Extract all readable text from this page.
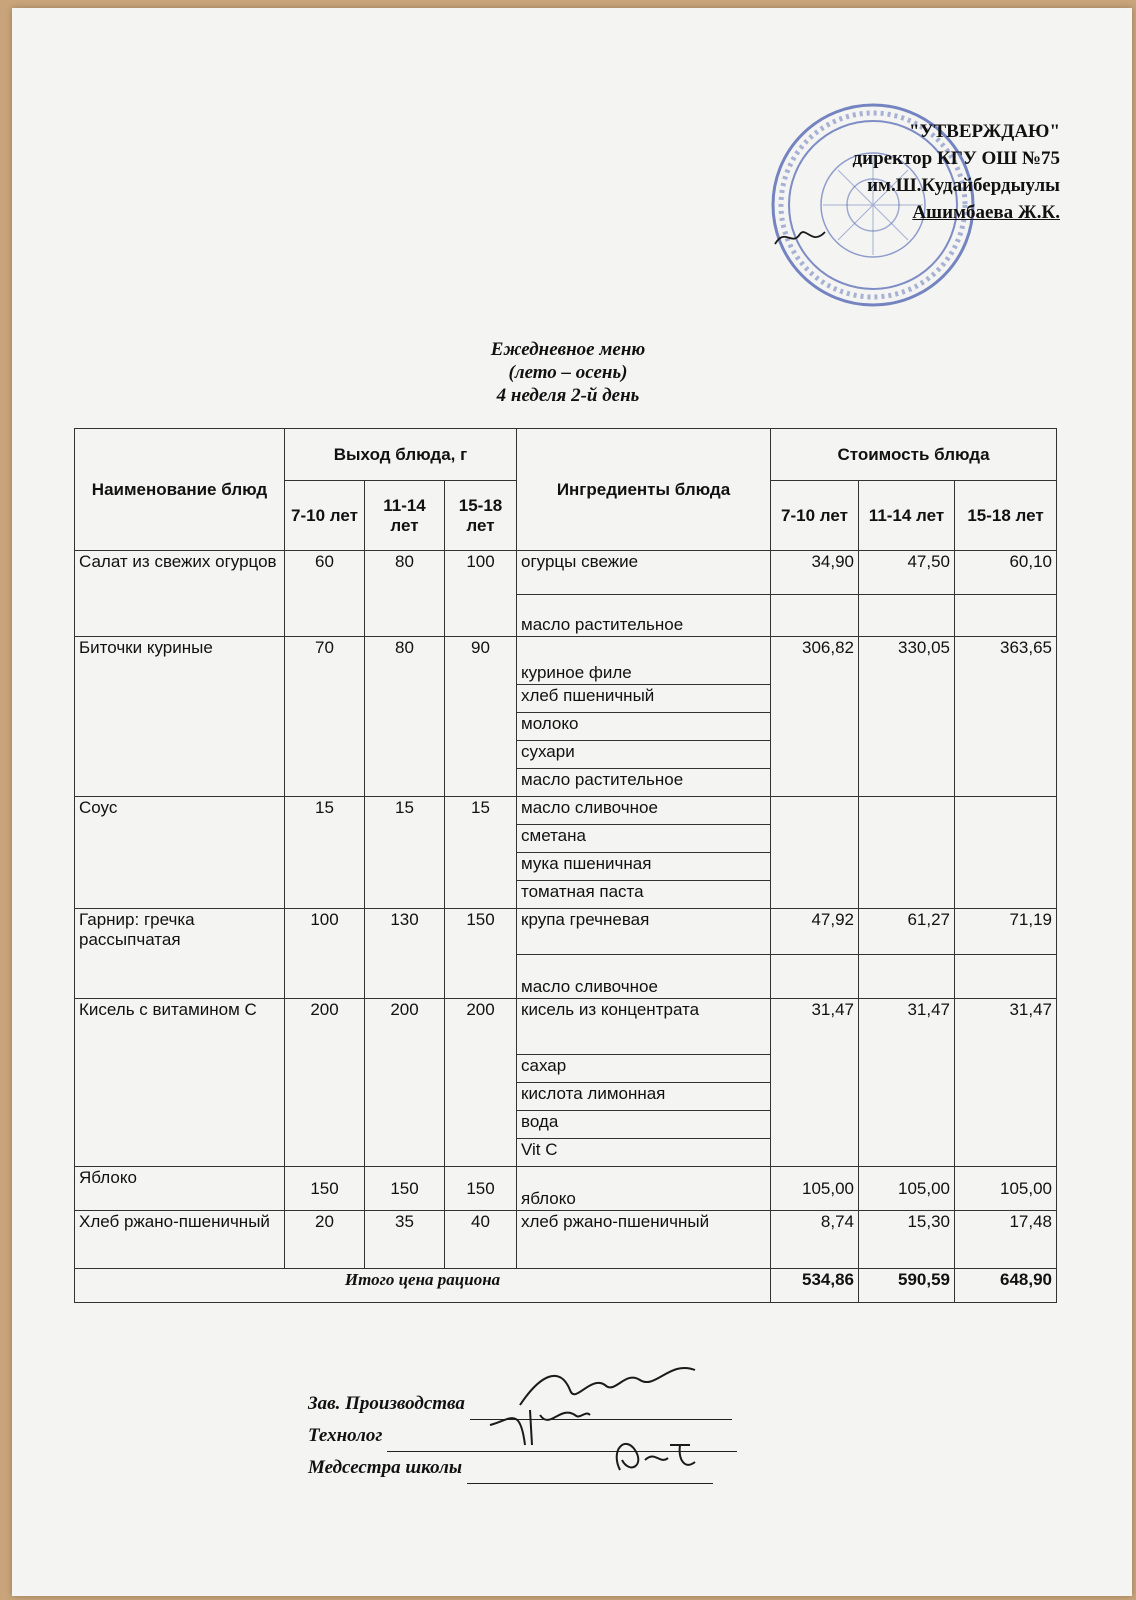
"УТВЕРЖДАЮ"
директор КГУ ОШ №75
им.Ш.Кудайбердыулы
Ашимбаева Ж.К.
Ежедневное меню
(лето – осень)
4 неделя 2-й день
Наименование блюд	Выход блюда, г			Ингредиенты блюда	Стоимость блюда		
	7-10 лет	11-14 лет	15-18 лет		7-10 лет	11-14 лет	15-18 лет
Салат из свежих огурцов	60	80	100	огурцы свежие	34,90	47,50	60,10
				масло растительное			
Биточки куриные	70	80	90	куриное филе	306,82	330,05	363,65
				хлеб пшеничный			
				молоко			
				сухари			
				масло растительное			
Соус	15	15	15	масло сливочное			
				сметана			
				мука пшеничная			
				томатная паста			
Гарнир: гречка рассыпчатая	100	130	150	крупа гречневая	47,92	61,27	71,19
				масло сливочное			
Кисель с витамином С	200	200	200	кисель из концентрата	31,47	31,47	31,47
				сахар			
				кислота лимонная			
				вода			
				Vit C			
Яблоко	150	150	150	яблоко	105,00	105,00	105,00
Хлеб ржано-пшеничный	20	35	40	хлеб ржано-пшеничный	8,74	15,30	17,48
Итого цена рациона					534,86	590,59	648,90
Зав. Производства
Технолог
Медсестра школы
